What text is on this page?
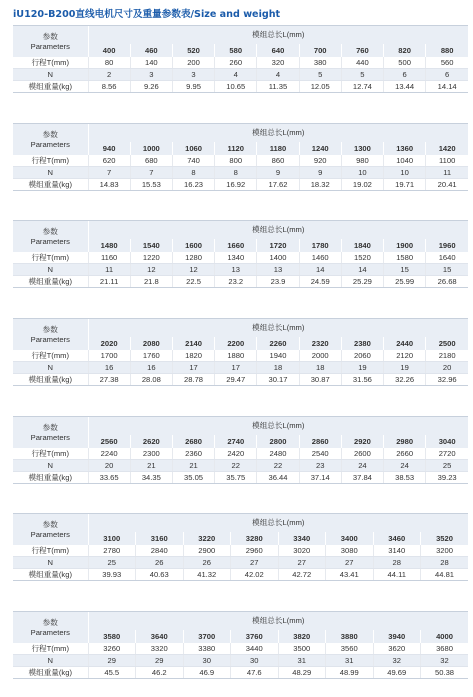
iU120-B200直线电机尺寸及重量参数表/Size and weight
参数
Parameters	模组总长L(mm)								
	400	460	520	580	640	700	760	820	880
行程T(mm)	80	140	200	260	320	380	440	500	560
N	2	3	3	4	4	5	5	6	6
模组重量(kg)	8.56	9.26	9.95	10.65	11.35	12.05	12.74	13.44	14.14
参数
Parameters	模组总长L(mm)								
	940	1000	1060	1120	1180	1240	1300	1360	1420
行程T(mm)	620	680	740	800	860	920	980	1040	1100
N	7	7	8	8	9	9	10	10	11
模组重量(kg)	14.83	15.53	16.23	16.92	17.62	18.32	19.02	19.71	20.41
参数
Parameters	模组总长L(mm)								
	1480	1540	1600	1660	1720	1780	1840	1900	1960
行程T(mm)	1160	1220	1280	1340	1400	1460	1520	1580	1640
N	11	12	12	13	13	14	14	15	15
模组重量(kg)	21.11	21.8	22.5	23.2	23.9	24.59	25.29	25.99	26.68
参数
Parameters	模组总长L(mm)								
	2020	2080	2140	2200	2260	2320	2380	2440	2500
行程T(mm)	1700	1760	1820	1880	1940	2000	2060	2120	2180
N	16	16	17	17	18	18	19	19	20
模组重量(kg)	27.38	28.08	28.78	29.47	30.17	30.87	31.56	32.26	32.96
参数
Parameters	模组总长L(mm)								
	2560	2620	2680	2740	2800	2860	2920	2980	3040
行程T(mm)	2240	2300	2360	2420	2480	2540	2600	2660	2720
N	20	21	21	22	22	23	24	24	25
模组重量(kg)	33.65	34.35	35.05	35.75	36.44	37.14	37.84	38.53	39.23
参数
Parameters	模组总长L(mm)							
	3100	3160	3220	3280	3340	3400	3460	3520
行程T(mm)	2780	2840	2900	2960	3020	3080	3140	3200
N	25	26	26	27	27	27	28	28
模组重量(kg)	39.93	40.63	41.32	42.02	42.72	43.41	44.11	44.81
参数
Parameters	模组总长L(mm)							
	3580	3640	3700	3760	3820	3880	3940	4000
行程T(mm)	3260	3320	3380	3440	3500	3560	3620	3680
N	29	29	30	30	31	31	32	32
模组重量(kg)	45.5	46.2	46.9	47.6	48.29	48.99	49.69	50.38
